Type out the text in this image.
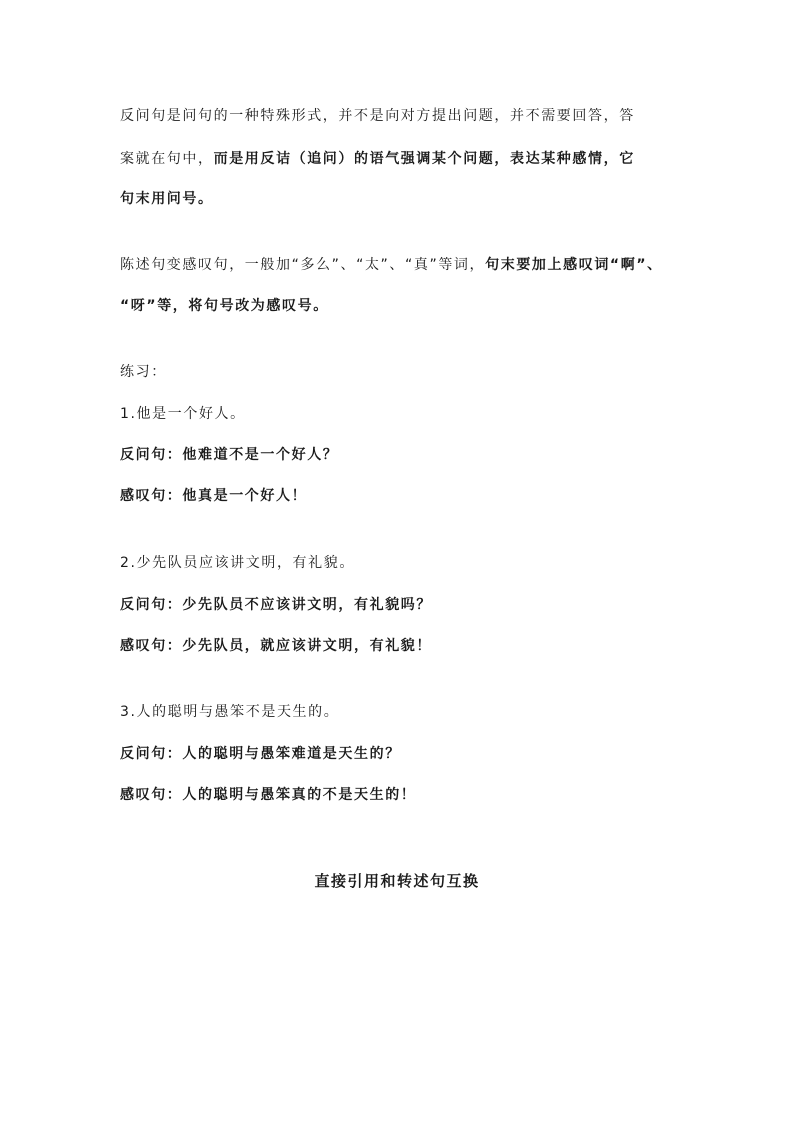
反问句是问句的一种特殊形式，并不是向对方提出问题，并不需要回答，答
案就在句中，而是用反诘（追问）的语气强调某个问题，表达某种感情，它
句末用问号。
陈述句变感叹句，一般加“多么”、“太”、“真”等词，句末要加上感叹词“啊”、
“呀”等，将句号改为感叹号。
练习：
1.他是一个好人。
反问句：他难道不是一个好人？
感叹句：他真是一个好人！
2.少先队员应该讲文明，有礼貌。
反问句：少先队员不应该讲文明，有礼貌吗？
感叹句：少先队员，就应该讲文明，有礼貌！
3.人的聪明与愚笨不是天生的。
反问句：人的聪明与愚笨难道是天生的？
感叹句：人的聪明与愚笨真的不是天生的！
直接引用和转述句互换
